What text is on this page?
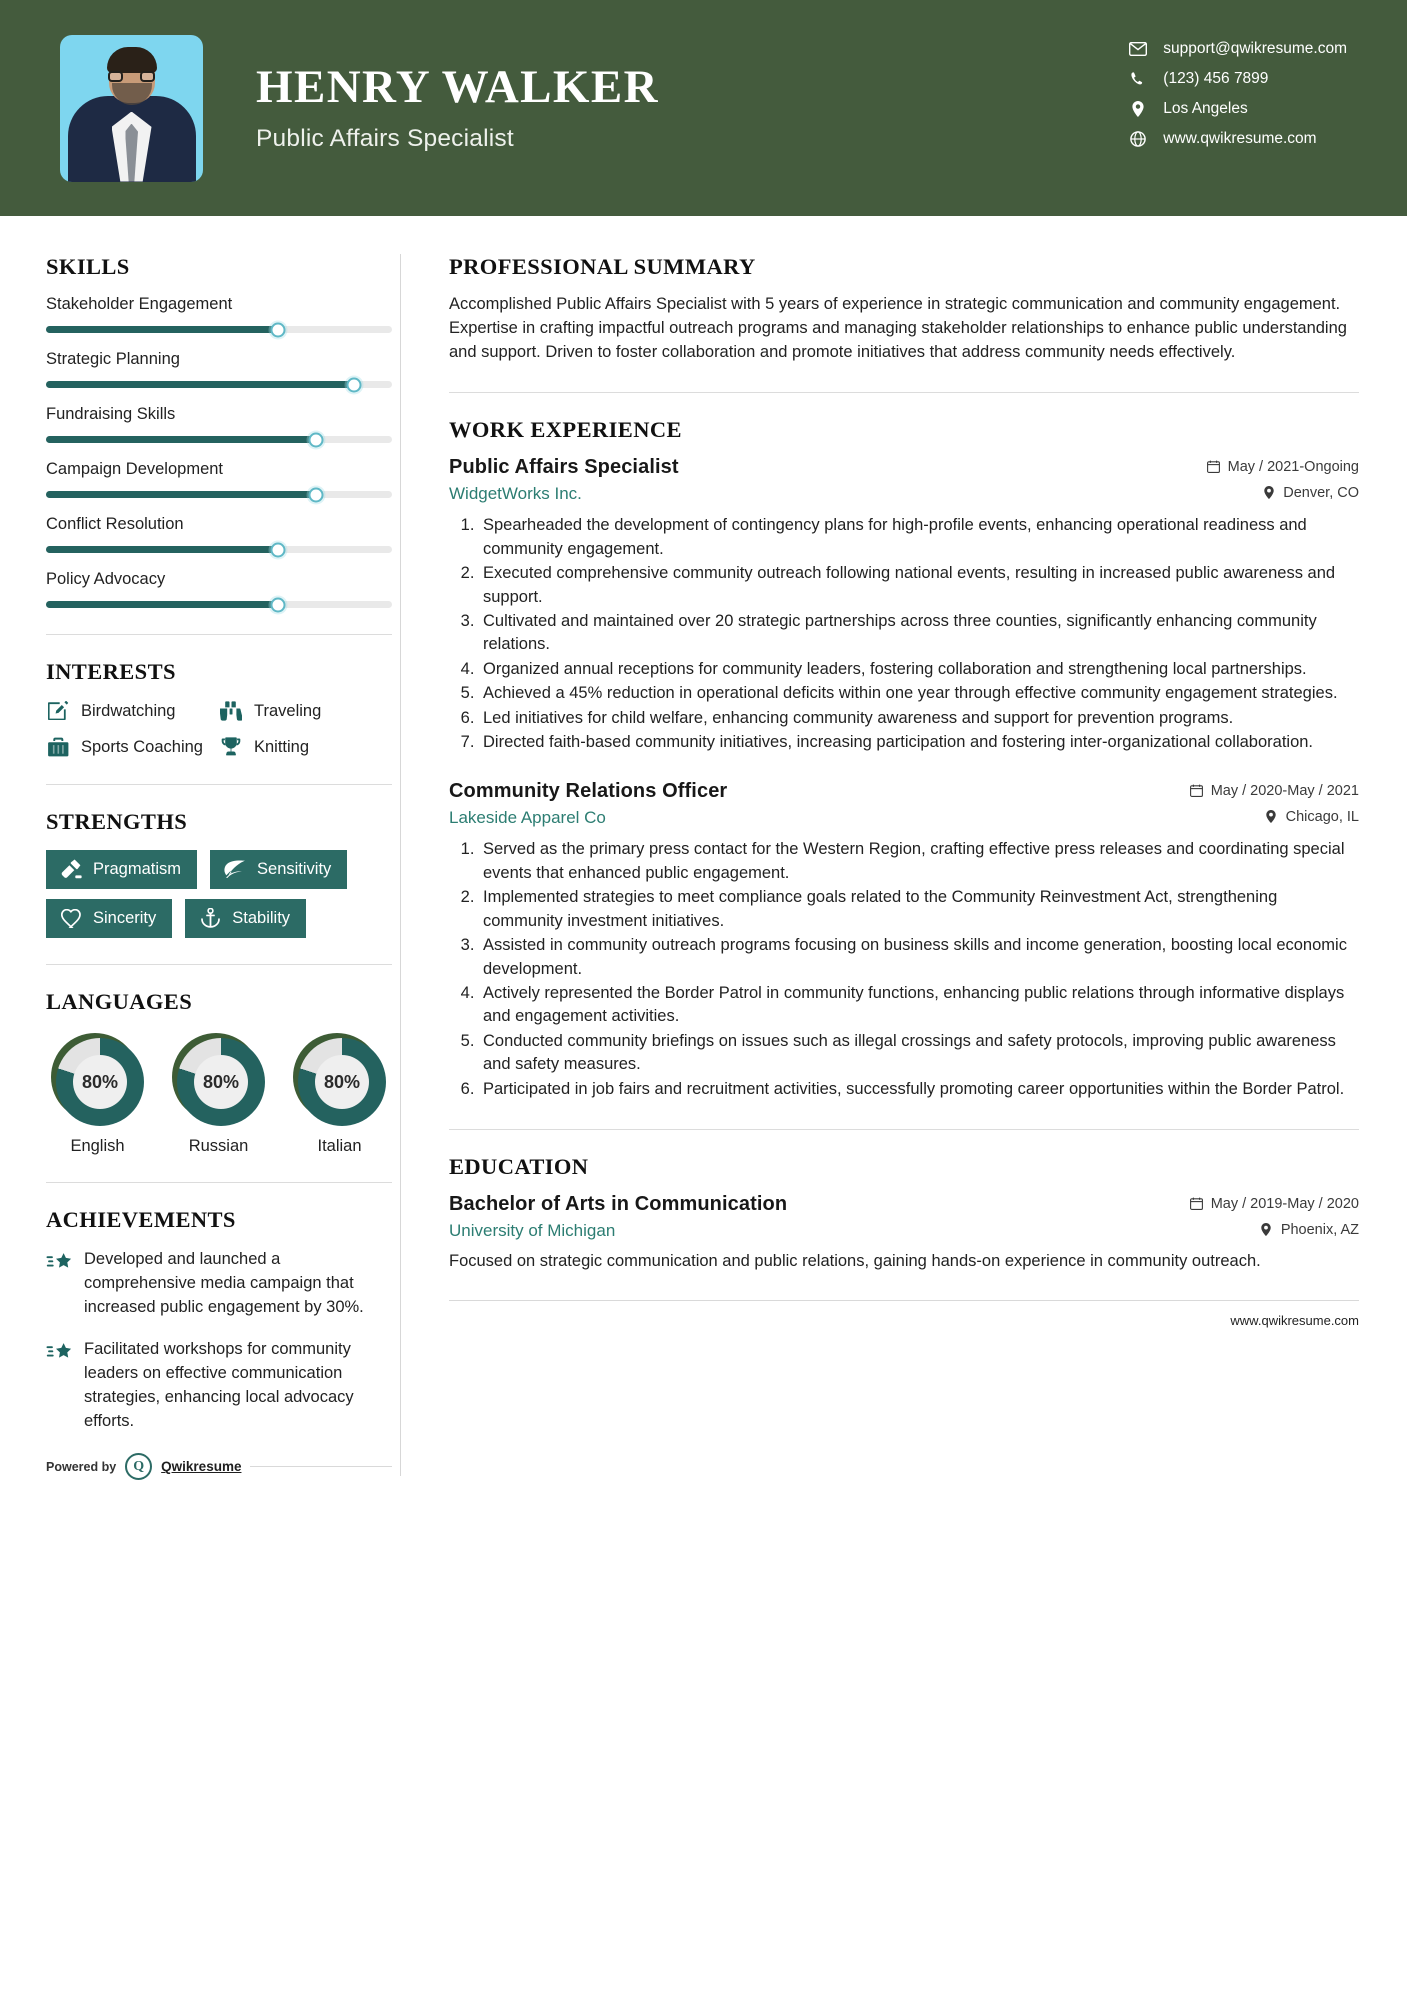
HENRY WALKER
Public Affairs Specialist
support@qwikresume.com
(123) 456 7899
Los Angeles
www.qwikresume.com
SKILLS
Stakeholder Engagement
Strategic Planning
Fundraising Skills
Campaign Development
Conflict Resolution
Policy Advocacy
INTERESTS
Birdwatching	Traveling
Sports Coaching	Knitting
STRENGTHS
Pragmatism	Sensitivity
Sincerity	Stability
LANGUAGES
80%
English
80%
Russian
80%
Italian
ACHIEVEMENTS
Developed and launched a comprehensive media campaign that increased public engagement by 30%.
Facilitated workshops for community leaders on effective communication strategies, enhancing local advocacy efforts.
Powered by	Q	Qwikresume
PROFESSIONAL SUMMARY
Accomplished Public Affairs Specialist with 5 years of experience in strategic communication and community engagement. Expertise in crafting impactful outreach programs and managing stakeholder relationships to enhance public understanding and support. Driven to foster collaboration and promote initiatives that address community needs effectively.
WORK EXPERIENCE
Public Affairs Specialist	May / 2021-Ongoing
WidgetWorks Inc.	Denver, CO
1. Spearheaded the development of contingency plans for high-profile events, enhancing operational readiness and community engagement.
2. Executed comprehensive community outreach following national events, resulting in increased public awareness and support.
3. Cultivated and maintained over 20 strategic partnerships across three counties, significantly enhancing community relations.
4. Organized annual receptions for community leaders, fostering collaboration and strengthening local partnerships.
5. Achieved a 45% reduction in operational deficits within one year through effective community engagement strategies.
6. Led initiatives for child welfare, enhancing community awareness and support for prevention programs.
7. Directed faith-based community initiatives, increasing participation and fostering inter-organizational collaboration.
Community Relations Officer	May / 2020-May / 2021
Lakeside Apparel Co	Chicago, IL
1. Served as the primary press contact for the Western Region, crafting effective press releases and coordinating special events that enhanced public engagement.
2. Implemented strategies to meet compliance goals related to the Community Reinvestment Act, strengthening community investment initiatives.
3. Assisted in community outreach programs focusing on business skills and income generation, boosting local economic development.
4. Actively represented the Border Patrol in community functions, enhancing public relations through informative displays and engagement activities.
5. Conducted community briefings on issues such as illegal crossings and safety protocols, improving public awareness and safety measures.
6. Participated in job fairs and recruitment activities, successfully promoting career opportunities within the Border Patrol.
EDUCATION
Bachelor of Arts in Communication	May / 2019-May / 2020
University of Michigan	Phoenix, AZ
Focused on strategic communication and public relations, gaining hands-on experience in community outreach.
www.qwikresume.com
